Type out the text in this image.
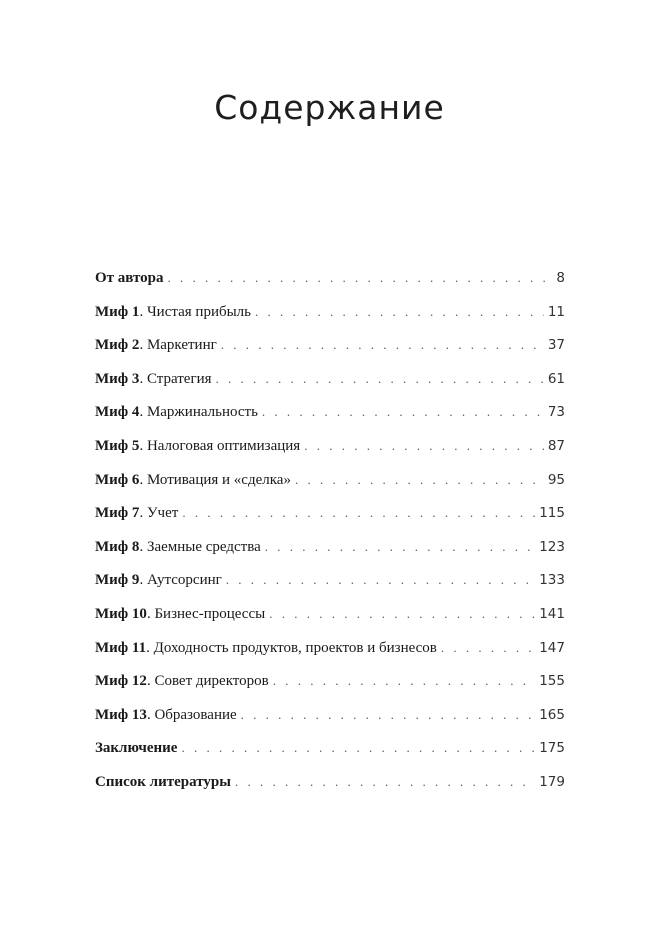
Содержание
От автора . . .	8
Миф 1. Чистая прибыль . . .	11
Миф 2. Маркетинг . . .	37
Миф 3. Стратегия . . .	61
Миф 4. Маржинальность . . .	73
Миф 5. Налоговая оптимизация . . .	87
Миф 6. Мотивация и «сделка» . . .	95
Миф 7. Учет . . .	115
Миф 8. Заемные средства . . .	123
Миф 9. Аутсорсинг . . .	133
Миф 10. Бизнес-процессы . . .	141
Миф 11. Доходность продуктов, проектов и бизнесов . . .	147
Миф 12. Совет директоров . . .	155
Миф 13. Образование . . .	165
Заключение . . .	175
Список литературы . . .	179
